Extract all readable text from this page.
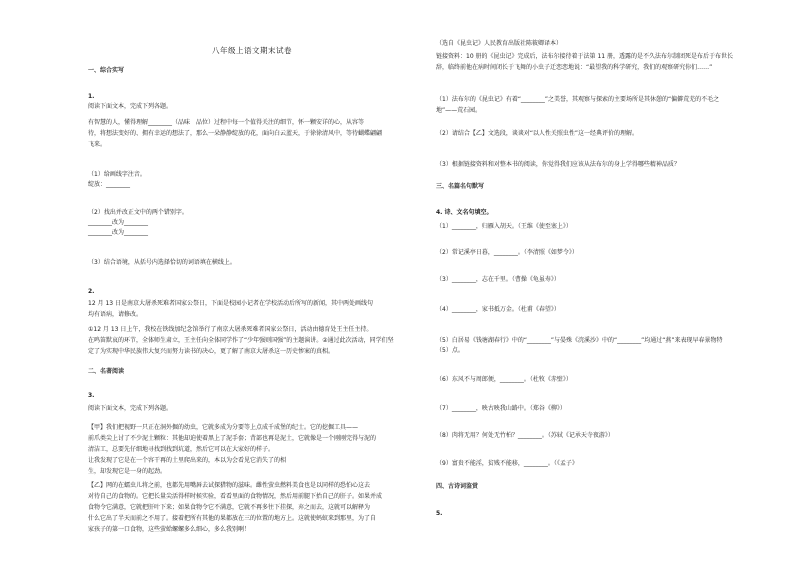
八年级上语文期末试卷
一、综合实写
1.
阅读下面文本，完成下列各题。
有智慧的人，懂得理解________（品味　品位）过程中每一个值得关注的细节，怀一颗安详的心，从容等
待，将想法变好的、拥有幸运的想法了，那么一朵静静绽放的花，面向白云蓝天，于徐徐清风中，等待蝴蝶翩翩
飞来。
（1）给画线字注音。
绽放：________
（2）找出并改正文中的两个错别字。
________改为________
________改为________
（3）结合语境，从括号内选择恰切的词语填在横线上。
2.
12 月 13 日是南京大屠杀死难者国家公祭日，下面是校园小记者在学校活动后所写的新闻，其中两处画线句
均有语病，请修改。
①12 月 13 日上午，我校在铁线加纪念馆举行了南京大屠杀死难者国家公祭日，活动由德育处王主任主持。
在鸣笛默哀的环节，全体师生肃立，王主任向全体同学作了“少年强则国强”的主题演讲。②通过此次活动，同学们坚
定了为实现中华民族伟大复兴而努力读书的决心，更了解了南京大屠杀这一历史惨案的真相。
二、名著阅读
3.
阅读下面文本，完成下列各题。
【甲】我们把视野一只正在洞外掘的幼虫，它就多成为分要等上点成千成堡的纪士。它的挖掘工具——
前爪类尖上讨了不少泥土颗粒：其他却迫使着黑上了泥手套；背部也再是泥土，它就像是一个刚刚完得与泥的
清洁工，总要先仔细地寻找到找到坑道，然后它可以在大家好的样子。
让我发现了它是在一个容干再的土里爬出来的，本以为会看见它消失了的相
生，却发现它是一身的起劲。
【乙】网的在蠕虫儿将之前，也都先用嘴唇去试探猎物的滋味。雌性萤虫燃料美食也是以同样的恐怕心这去
对待自己的食物的。它把长量尖活得样时候实验，看看里面的食物情况，然后用前腿下抬自己的肝子。如果并成
食物令它满意，它就把肝叶下来；如果食物令它不满意，它就不再多往下挂探，弃之而去，这就可以解释为
什么它出了半天而前之不用了。接着把所有其他的果都放在三的位置的地方上。这就使蚂蚁来到那里，为了自
家孩子的第一口食物，这些萤蛤螺螺多么细心，多么我别啊！
（选自《昆虫记》人民教育出版社陈筱卿译本）
链接资料：10 册的《昆虫记》完成后，法布尔接待着于法第 11 册，透露的是不久法布尔制团死是布后于布世长
辞，临终前他在病时间闭长于飞舞的小虫子迁恋恋地说：“最望我的科学研究，我们的观察研究你们……”
（1）法布尔的《昆虫记》有着“________”之美誉，其观察与探索的主要场所是其休憩的“偏僻荒芜的不毛之
地”——荒石园。
（2）请结合【乙】文选段，谈谈对“以人性关照虫性”这一经典评价的理解。
（3）根据链接资料和对整本书的阅读，你觉得我们应该从法布尔的身上学得哪些精神品质？
三、名篇名句默写
4. 诗、文名句填空。
（1）________，归雁入胡天。（王维《使至塞上》）
（2）常记溪亭日暮，________。（李清照《如梦令》）
（3）________，志在千里。（曹操《龟虽寿》）
（4）________，家书抵万金。（杜甫《春望》）
（5）白居易《钱塘湖春行》中的“________”与晏殊《浣溪沙》中的“________”均通过“燕”来表现早春景物特
（5）点。
（6）东风不与周郎便，________。（杜牧《赤壁》）
（7）________，映古映我山路中。（郑谷《柳》）
（8）肉将无用？何处无竹柏？________。（苏轼《记承天寺夜游》）
（9）富贵不能淫，贫贱不能移，________。（《孟子》
四、古诗词鉴赏
5.
